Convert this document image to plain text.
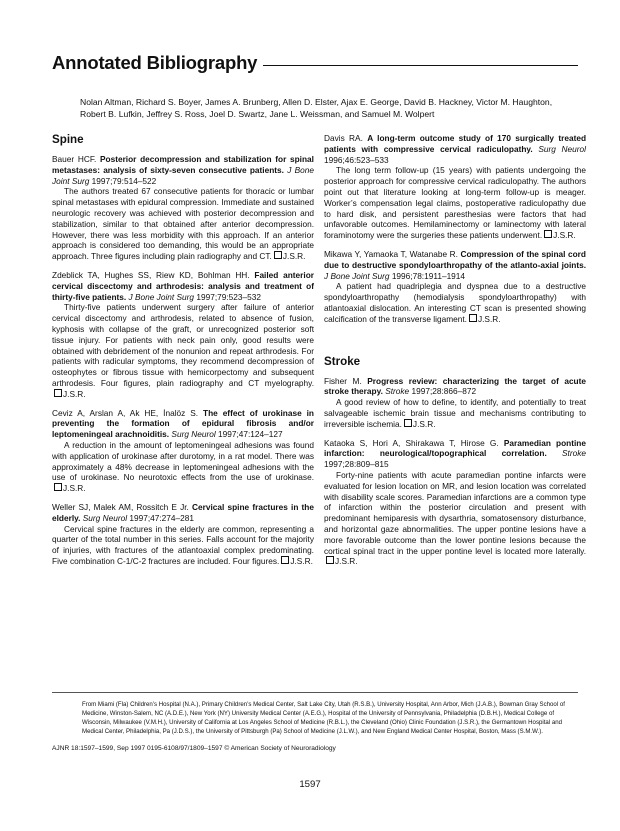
Annotated Bibliography
Nolan Altman, Richard S. Boyer, James A. Brunberg, Allen D. Elster, Ajax E. George, David B. Hackney, Victor M. Haughton, Robert B. Lufkin, Jeffrey S. Ross, Joel D. Swartz, Jane L. Weissman, and Samuel M. Wolpert
Spine
Bauer HCF. Posterior decompression and stabilization for spinal metastases: analysis of sixty-seven consecutive patients. J Bone Joint Surg 1997;79:514–522

The authors treated 67 consecutive patients for thoracic or lumbar spinal metastases with epidural compression. Immediate and sustained neurologic recovery was achieved with posterior decompression and stabilization, similar to that obtained after anterior decompression. However, there was less morbidity with this approach. If an anterior approach is considered too demanding, this would be an appropriate approach. Three figures including plain radiography and CT. J.S.R.

Zdeblick TA, Hughes SS, Riew KD, Bohlman HH. Failed anterior cervical discectomy and arthrodesis: analysis and treatment of thirty-five patients. J Bone Joint Surg 1997;79:523–532

Thirty-five patients underwent surgery after failure of anterior cervical discectomy and arthrodesis, related to absence of fusion, kyphosis with collapse of the graft, or unrecognized posterior soft tissue injury. For patients with neck pain only, good results were obtained with debridement of the nonunion and repeat arthrodesis. For patients with radicular symptoms, they recommend decompression of osteophytes or fibrous tissue with hemicorpectomy and subsequent arthrodesis. Four figures, plain radiography and CT myelography.J.S.R.

Ceviz A, Arslan A, Ak HE, İnalöz S. The effect of urokinase in preventing the formation of epidural fibrosis and/or leptomeningeal arachnoiditis. Surg Neurol 1997;47:124–127

A reduction in the amount of leptomeningeal adhesions was found with application of urokinase after durotomy, in a rat model. There was approximately a 48% decrease in leptomeningeal adhesions with the use of urokinase. No neurotoxic effects from the use of urokinase.J.S.R.

Weller SJ, Malek AM, Rossitch E Jr. Cervical spine fractures in the elderly. Surg Neurol 1997;47:274–281

Cervical spine fractures in the elderly are common, representing a quarter of the total number in this series. Falls account for the majority of injuries, with fractures of the atlantoaxial complex predominating. Five combination C-1/C-2 fractures are included. Four figures. J.S.R.

Davis RA. A long-term outcome study of 170 surgically treated patients with compressive cervical radiculopathy. Surg Neurol 1996;46:523–533

The long term follow-up (15 years) with patients undergoing the posterior approach for compressive cervical radiculopathy. The authors point out that literature looking at long-term follow-up is meager. Worker’s compensation legal claims, postoperative radiculopathy due to hard disk, and persistent paresthesias were factors that had unfavorable outcomes. Hemilaminectomy or laminectomy with lateral foraminotomy were the surgeries these patients underwent. J.S.R.

Mikawa Y, Yamaoka T, Watanabe R. Compression of the spinal cord due to destructive spondyloarthropathy of the atlanto-axial joints. J Bone Joint Surg 1996;78:1911–1914

A patient had quadriplegia and dyspnea due to a destructive spondyloarthropathy (hemodialysis spondyloarthropathy) with atlantoaxial dislocation. An interesting CT scan is presented showing calcification of the transverse ligament. J.S.R.

Stroke
Fisher M. Progress review: characterizing the target of acute stroke therapy. Stroke 1997;28:866–872

A good review of how to define, to identify, and potentially to treat salvageable ischemic brain tissue and mechanisms contributing to irreversible ischemia. J.S.R.

Kataoka S, Hori A, Shirakawa T, Hirose G. Paramedian pontine infarction: neurological/topographical correlation. Stroke 1997;28:809–815

Forty-nine patients with acute paramedian pontine infarcts were evaluated for lesion location on MR, and lesion location was correlated with disability scale scores. Paramedian infarctions are a common type of infarction within the posterior circulation and present with predominant hemiparesis with dysarthria, somatosensory disturbance, and horizontal gaze abnormalities. The upper pontine lesions have a more favorable outcome than the lower pontine lesions because the cortical spinal tract in the upper pontine level is located more laterally.J.S.R.

From Miami (Fla) Children’s Hospital (N.A.), Primary Children’s Medical Center, Salt Lake City, Utah (R.S.B.), University Hospital, Ann Arbor, Mich (J.A.B.), Bowman Gray School of Medicine, Winston-Salem, NC (A.D.E.), New York (NY) University Medical Center (A.E.G.), Hospital of the University of Pennsylvania, Philadelphia (D.B.H.), Medical College of Wisconsin, Milwaukee (V.M.H.), University of California at Los Angeles School of Medicine (R.B.L.), the Cleveland (Ohio) Clinic Foundation (J.S.R.), the Germantown Hospital and Medical Center, Philadelphia, Pa (J.D.S.), the University of Pittsburgh (Pa) School of Medicine (J.L.W.), and New England Medical Center Hospital, Boston, Mass (S.M.W.).

AJNR 18:1597–1599, Sep 1997 0195-6108/97/1809–1597 © American Society of Neuroradiology

1597
